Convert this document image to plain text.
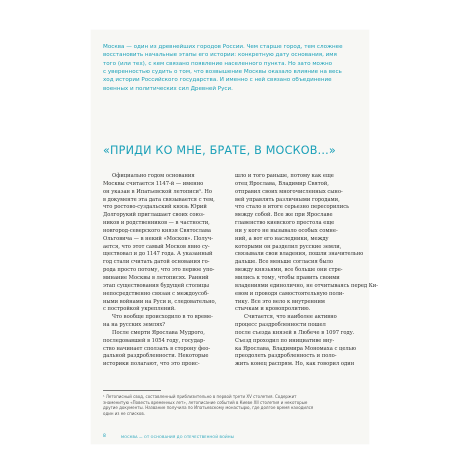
Москва — один из древнейших городов России. Чем старше город, тем сложнее
восстановить начальные этапы его истории: конкретную дату основания, имя
того (или тех), с кем связано появление населенного пункта. Но зато можно
с уверенностью судить о том, что возвышение Москвы оказало влияние на весь
ход истории Российского государства. И именно с ней связано объединение
военных и политических сил Древней Руси.
«ПРИДИ КО МНЕ, БРАТЕ, В МОСКОВ...»
Официально годом основания
Москвы считается 1147-й — именно
он указан в Ипатьевской летописи¹. Но
в документе эта дата связывается с тем,
что ростово-суздальский князь Юрий
Долгорукий приглашает своих союз-
ников и родственников — в частности,
новгород-северского князя Святослава
Ольговича — в некий «Москов». Получ-
ается, что этот самый Москов явно су-
ществовал и до 1147 года. А указанный
год стали считать датой основания го-
рода просто потому, что это первое упо-
минание Москвы в летописях. Ранний
этап существования будущей столицы
непосредственно связан с междоусоб-
ными войнами на Руси и, следовательно,
с постройкой укреплений.
Что вообще происходило в то време-
на на русских землях?
После смерти Ярослава Мудрого,
последовавшей в 1054 году, государ-
ство начинает сползать в сторону фео-
дальной раздробленности. Некоторые
историки полагают, что это проис-
шло и того раньше, потому как еще
отец Ярослава, Владимир Святой,
отправил своих многочисленных сыно-
вей управлять различными городами,
что стало в итоге серьезно пересорились
между собой. Все же при Ярославе
главенство киевского престола еще
ни у кого не вызывало особых сомне-
ний, а вот его наследники, между
которыми он разделил русские земли,
связывали свои владения, пошли значительно
дальше. Все меньше согласия было
между князьями, все больше они стре-
мились к тому, чтобы править своими
владениями единолично, не отчитываясь перед Ки-
евом и проводя самостоятельную поли-
тику. Все это вело к внутренним
стычкам и кровопролитию.
Считается, что наиболее активно
процесс раздробленности пошел
после съезда князей в Любече в 1097 году.
Съезд проходил по инициативе вну-
ка Ярослава, Владимира Мономаха с целью
преодолеть раздробленность и поло-
жить конец распрям. Но, как говорил один
¹ Летописный свод, составленный приблизительно в первой трети XV столетия. Содержит
знаменитую «Повесть временных лет», летописание событий в Киеве XII столетия и некоторые
другие документы. Название получила по Ипатьевскому монастырю, где долгое время находился
один из ее списков.
8	МОСКВА — ОТ ОСНОВАНИЯ ДО ОТЕЧЕСТВЕННОЙ ВОЙНЫ
